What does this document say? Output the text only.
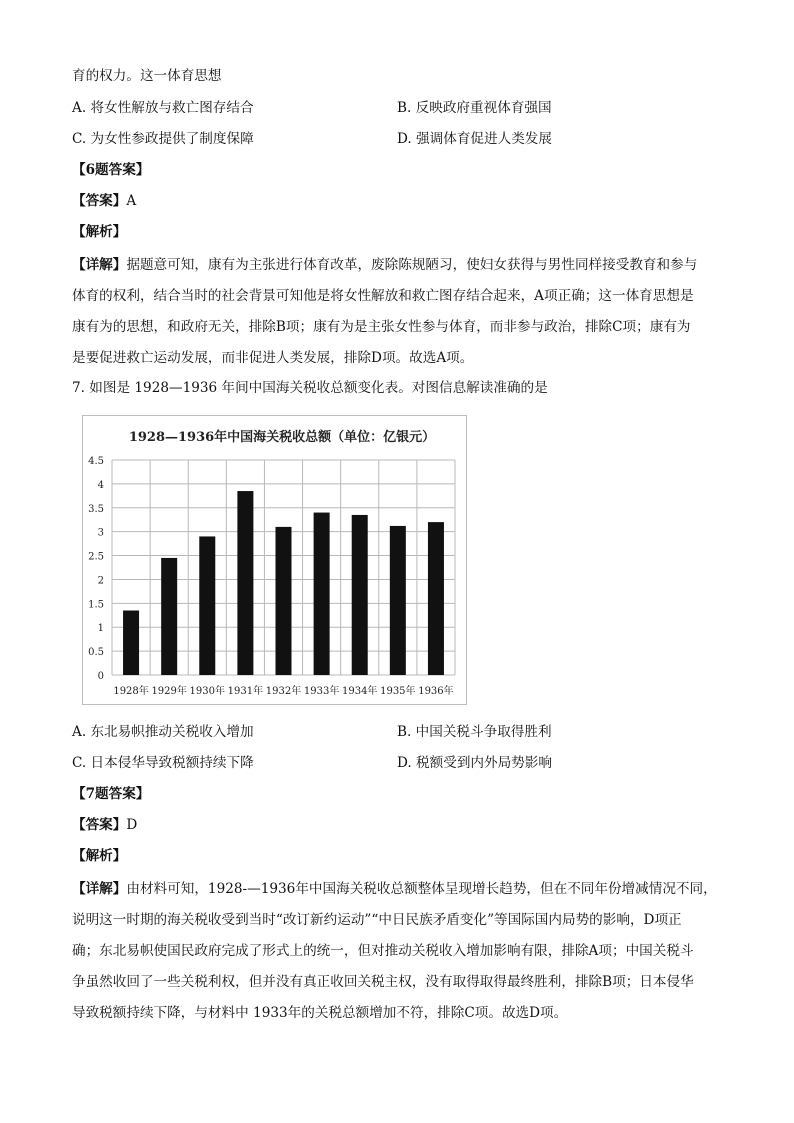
育的权力。这一体育思想
A. 将女性解放与救亡图存结合	B. 反映政府重视体育强国
C. 为女性参政提供了制度保障	D. 强调体育促进人类发展
【6题答案】
【答案】A
【解析】
【详解】据题意可知，康有为主张进行体育改革，废除陈规陋习，使妇女获得与男性同样接受教育和参与
体育的权利，结合当时的社会背景可知他是将女性解放和救亡图存结合起来，A项正确；这一体育思想是
康有为的思想，和政府无关，排除B项；康有为是主张女性参与体育，而非参与政治，排除C项；康有为
是要促进救亡运动发展，而非促进人类发展，排除D项。故选A项。
7. 如图是 1928—1936 年间中国海关税收总额变化表。对图信息解读准确的是
1928—1936年中国海关税收总额（单位：亿银元）
0
0.5
1
1.5
2
2.5
3
3.5
4
4.5
1928年 1929年 1930年 1931年 1932年 1933年 1934年 1935年 1936年
A. 东北易帜推动关税收入增加	B. 中国关税斗争取得胜利
C. 日本侵华导致税额持续下降	D. 税额受到内外局势影响
【7题答案】
【答案】D
【解析】
【详解】由材料可知，1928-—1936年中国海关税收总额整体呈现增长趋势，但在不同年份增减情况不同，
说明这一时期的海关税收受到当时“改订新约运动”“中日民族矛盾变化”等国际国内局势的影响，D项正
确；东北易帜使国民政府完成了形式上的统一，但对推动关税收入增加影响有限，排除A项；中国关税斗
争虽然收回了一些关税利权，但并没有真正收回关税主权，没有取得取得最终胜利，排除B项；日本侵华
导致税额持续下降，与材料中 1933年的关税总额增加不符，排除C项。故选D项。
